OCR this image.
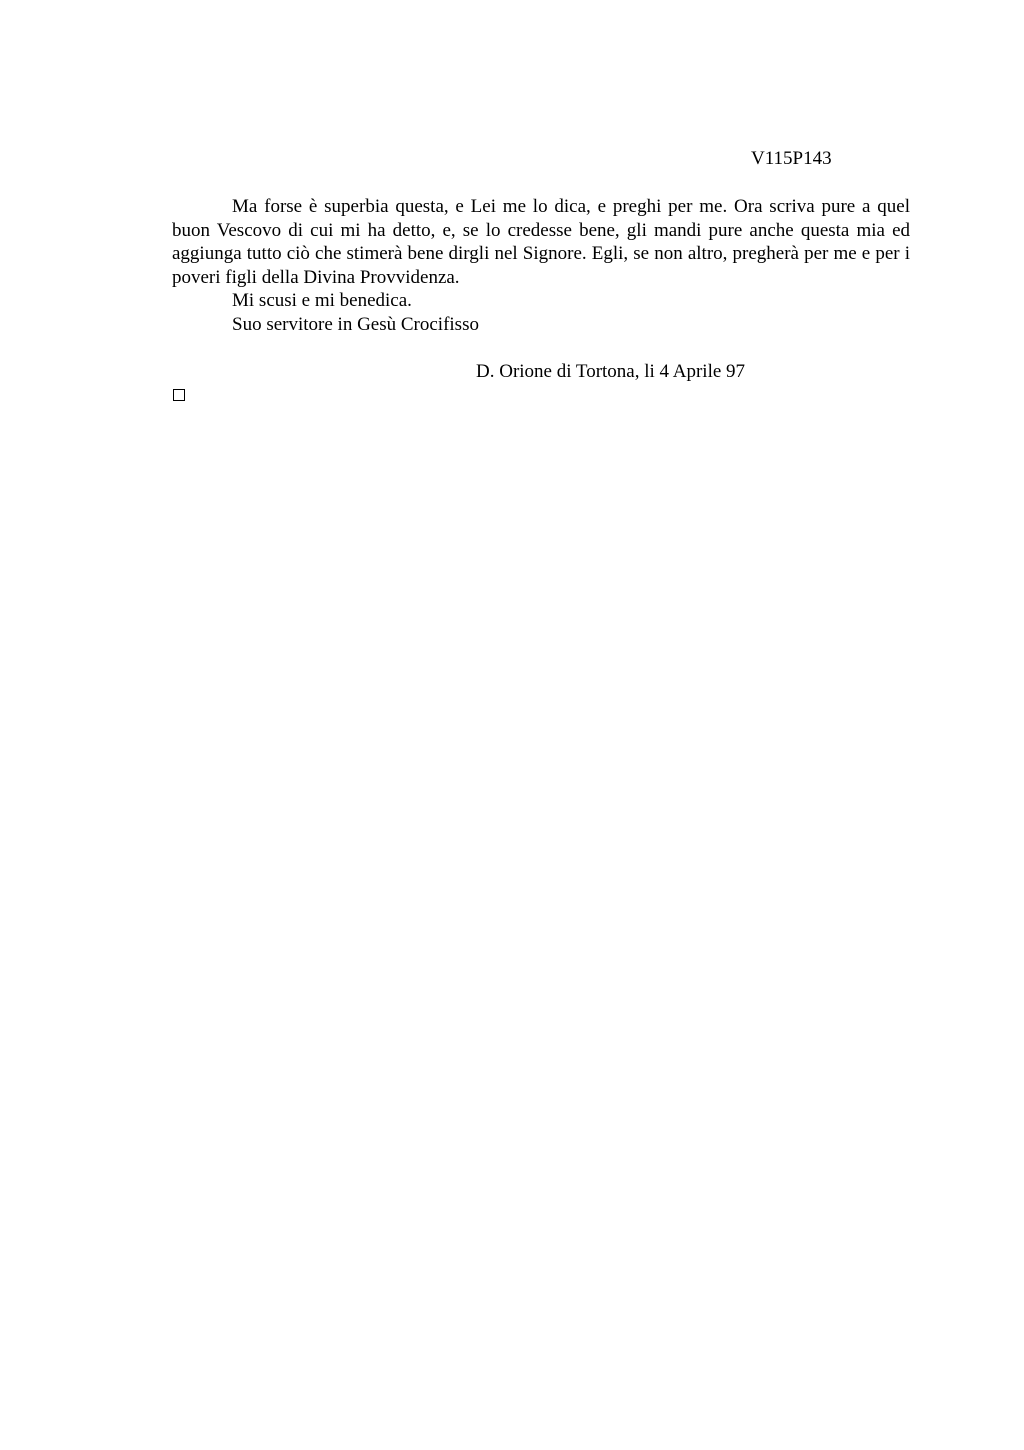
V115P143

Ma forse è superbia questa, e Lei me lo dica, e preghi per me. Ora scriva pure a quel buon Vescovo di cui mi ha detto, e, se lo credesse bene, gli mandi pure anche questa mia ed aggiunga tutto ciò che stimerà bene dirgli nel Signore. Egli, se non altro, pregherà per me e per i poveri figli della Divina Provvidenza.

Mi scusi e mi benedica.

Suo servitore in Gesù Crocifisso

D. Orione di Tortona, li 4 Aprile 97
